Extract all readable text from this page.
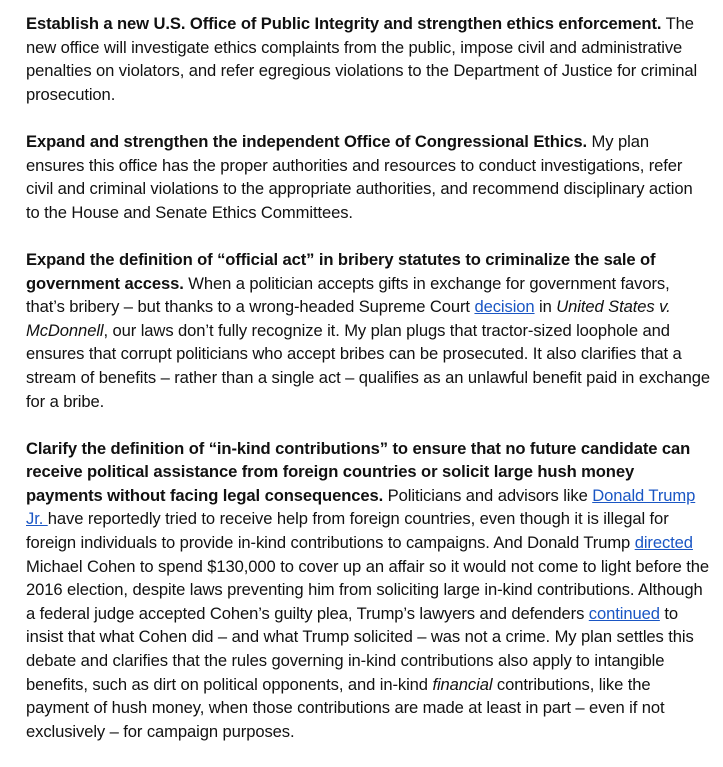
Establish a new U.S. Office of Public Integrity and strengthen ethics enforcement. The new office will investigate ethics complaints from the public, impose civil and administrative penalties on violators, and refer egregious violations to the Department of Justice for criminal prosecution.

Expand and strengthen the independent Office of Congressional Ethics. My plan ensures this office has the proper authorities and resources to conduct investigations, refer civil and criminal violations to the appropriate authorities, and recommend disciplinary action to the House and Senate Ethics Committees.

Expand the definition of “official act” in bribery statutes to criminalize the sale of government access. When a politician accepts gifts in exchange for government favors, that’s bribery – but thanks to a wrong-headed Supreme Court decision in United States v. McDonnell, our laws don’t fully recognize it. My plan plugs that tractor-sized loophole and ensures that corrupt politicians who accept bribes can be prosecuted. It also clarifies that a stream of benefits – rather than a single act – qualifies as an unlawful benefit paid in exchange for a bribe.

Clarify the definition of “in-kind contributions” to ensure that no future candidate can receive political assistance from foreign countries or solicit large hush money payments without facing legal consequences. Politicians and advisors like Donald Trump Jr. have reportedly tried to receive help from foreign countries, even though it is illegal for foreign individuals to provide in-kind contributions to campaigns. And Donald Trump directed Michael Cohen to spend $130,000 to cover up an affair so it would not come to light before the 2016 election, despite laws preventing him from soliciting large in-kind contributions. Although a federal judge accepted Cohen’s guilty plea, Trump’s lawyers and defenders continued to insist that what Cohen did – and what Trump solicited – was not a crime. My plan settles this debate and clarifies that the rules governing in-kind contributions also apply to intangible benefits, such as dirt on political opponents, and in-kind financial contributions, like the payment of hush money, when those contributions are made at least in part – even if not exclusively – for campaign purposes.
